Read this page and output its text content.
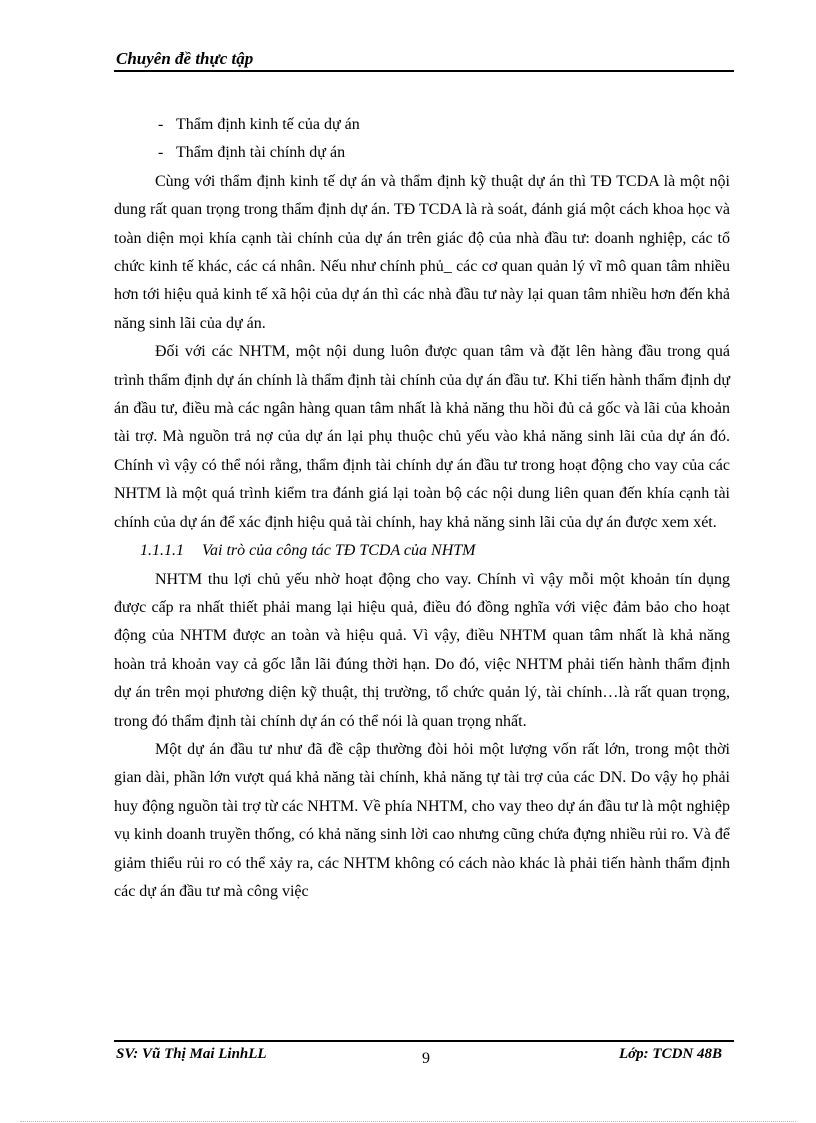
Chuyên đề thực tập
- Thẩm định kinh tế của dự án
- Thẩm định tài chính dự án

Cùng với thẩm định kinh tế dự án và thẩm định kỹ thuật dự án thì TĐ TCDA là một nội dung rất quan trọng trong thẩm định dự án. TĐ TCDA là rà soát, đánh giá một cách khoa học và toàn diện mọi khía cạnh tài chính của dự án trên giác độ của nhà đầu tư: doanh nghiệp, các tổ chức kinh tế khác, các cá nhân. Nếu như chính phủ_ các cơ quan quản lý vĩ mô quan tâm nhiều hơn tới hiệu quả kinh tế xã hội của dự án thì các nhà đầu tư này lại quan tâm nhiều hơn đến khả năng sinh lãi của dự án.

Đối với các NHTM, một nội dung luôn được quan tâm và đặt lên hàng đầu trong quá trình thẩm định dự án chính là thẩm định tài chính của dự án đầu tư. Khi tiến hành thẩm định dự án đầu tư, điều mà các ngân hàng quan tâm nhất là khả năng thu hồi đủ cả gốc và lãi của khoản tài trợ. Mà nguồn trả nợ của dự án lại phụ thuộc chủ yếu vào khả năng sinh lãi của dự án đó. Chính vì vậy có thể nói rằng, thẩm định tài chính dự án đầu tư trong hoạt động cho vay của các NHTM là một quá trình kiểm tra đánh giá lại toàn bộ các nội dung liên quan đến khía cạnh tài chính của dự án để xác định hiệu quả tài chính, hay khả năng sinh lãi của dự án được xem xét.

1.1.1.1 Vai trò của công tác TĐ TCDA của NHTM

NHTM thu lợi chủ yếu nhờ hoạt động cho vay. Chính vì vậy mỗi một khoản tín dụng được cấp ra nhất thiết phải mang lại hiệu quả, điều đó đồng nghĩa với việc đảm bảo cho hoạt động của NHTM được an toàn và hiệu quả. Vì vậy, điều NHTM quan tâm nhất là khả năng hoàn trả khoản vay cả gốc lẫn lãi đúng thời hạn. Do đó, việc NHTM phải tiến hành thẩm định dự án trên mọi phương diện kỹ thuật, thị trường, tổ chức quản lý, tài chính…là rất quan trọng, trong đó thẩm định tài chính dự án có thể nói là quan trọng nhất.

Một dự án đầu tư như đã đề cập thường đòi hỏi một lượng vốn rất lớn, trong một thời gian dài, phần lớn vượt quá khả năng tài chính, khả năng tự tài trợ của các DN. Do vậy họ phải huy động nguồn tài trợ từ các NHTM. Về phía NHTM, cho vay theo dự án đầu tư là một nghiệp vụ kinh doanh truyền thống, có khả năng sinh lời cao nhưng cũng chứa đựng nhiều rủi ro. Và để giảm thiểu rủi ro có thể xảy ra, các NHTM không có cách nào khác là phải tiến hành thẩm định các dự án đầu tư mà công việc

SV: Vũ Thị Mai LinhLL	9	Lớp: TCDN 48B
